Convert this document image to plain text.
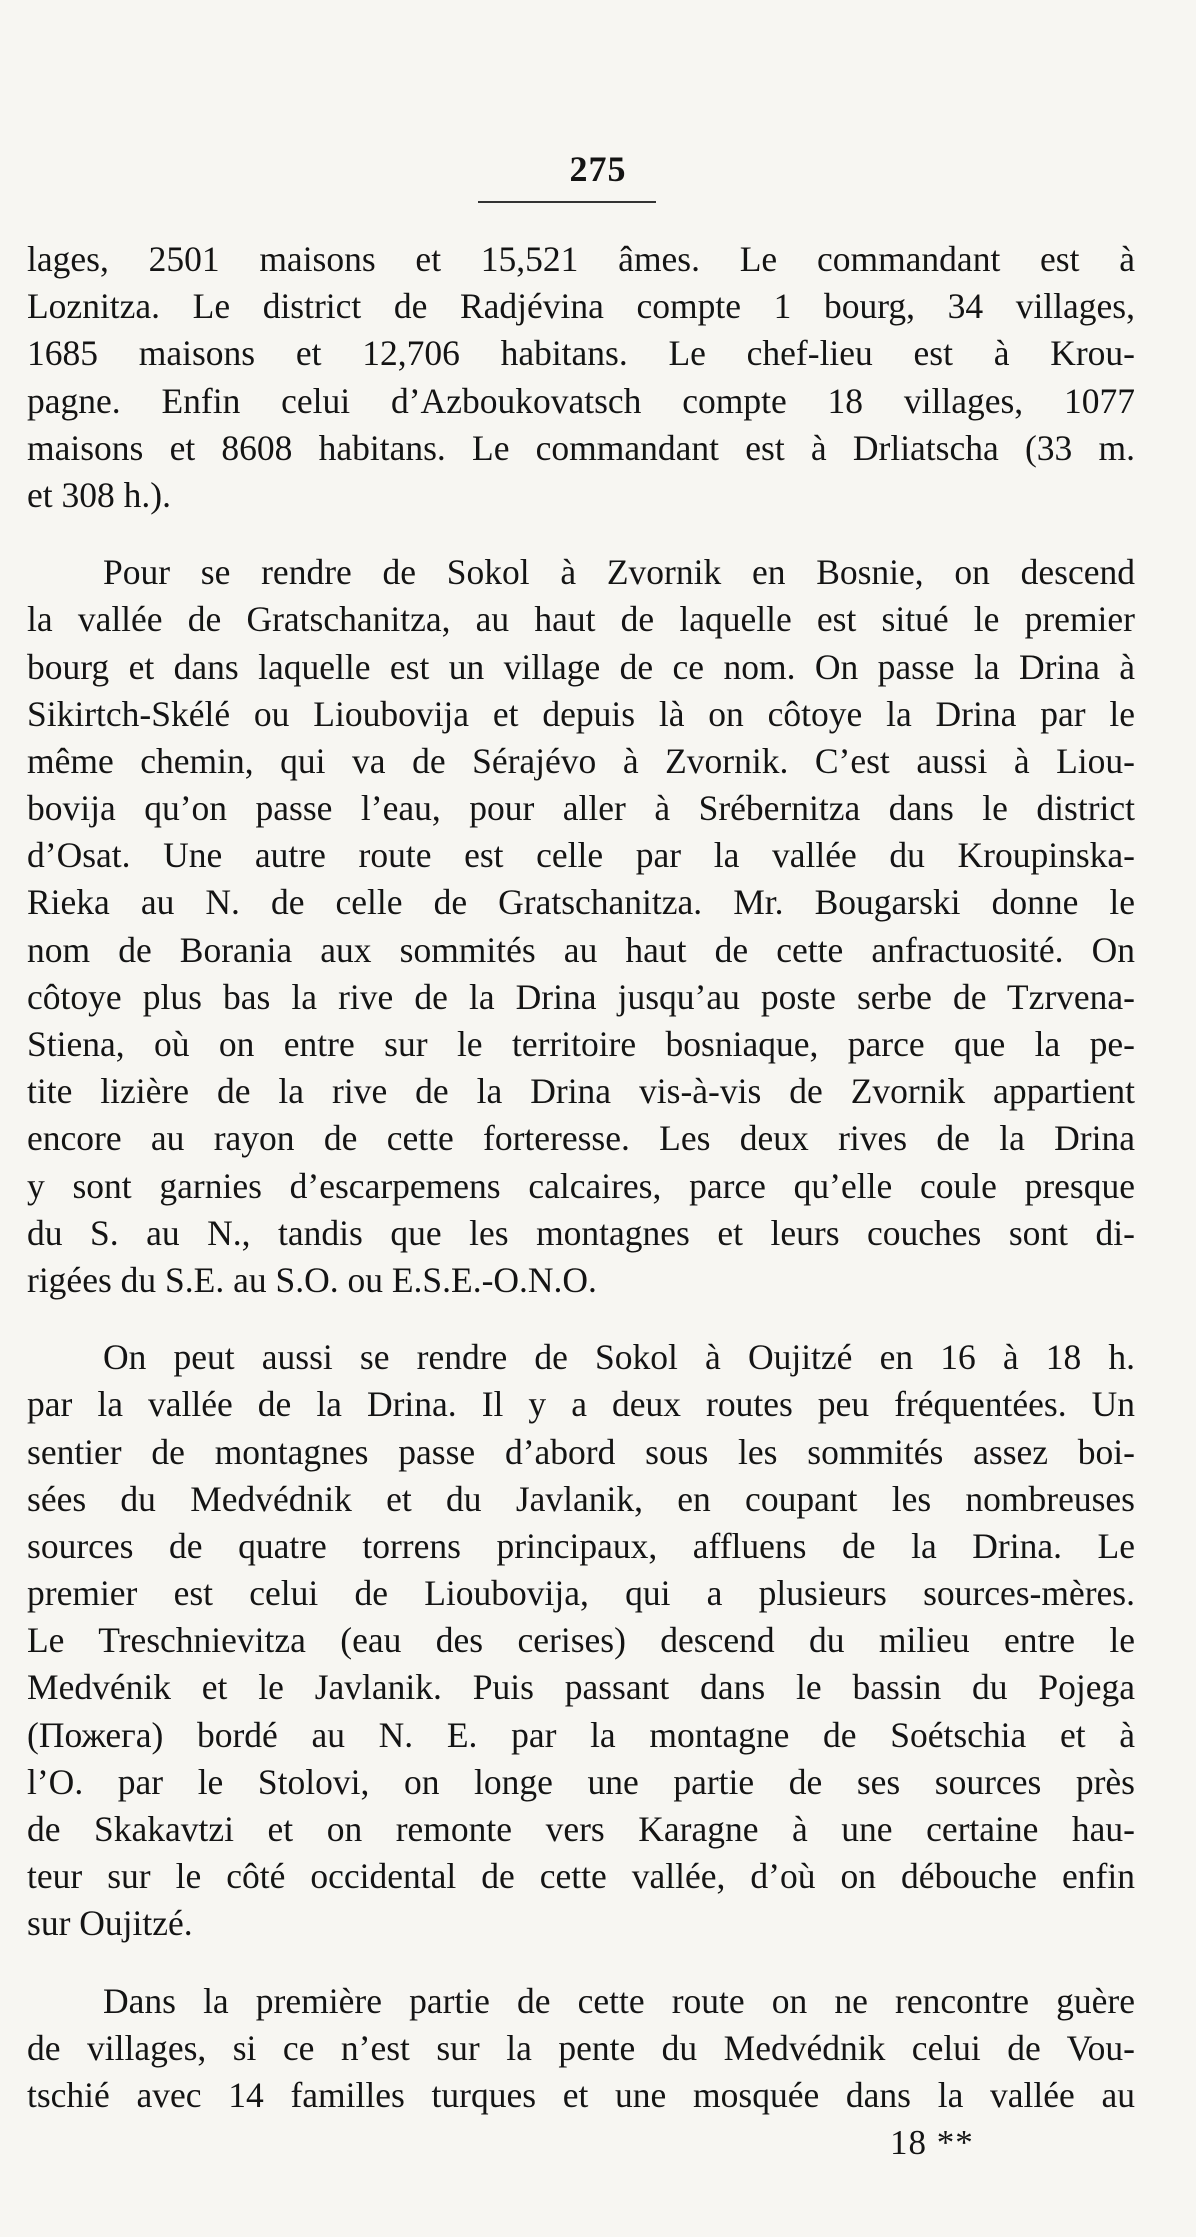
275
lages, 2501 maisons et 15,521 âmes. Le commandant est à
Loznitza. Le district de Radjévina compte 1 bourg, 34 villages,
1685 maisons et 12,706 habitans. Le chef-lieu est à Krou-
pagne. Enfin celui d’Azboukovatsch compte 18 villages, 1077
maisons et 8608 habitans. Le commandant est à Drliatscha (33 m.
et 308 h.).
Pour se rendre de Sokol à Zvornik en Bosnie, on descend
la vallée de Gratschanitza, au haut de laquelle est situé le premier
bourg et dans laquelle est un village de ce nom. On passe la Drina à
Sikirtch-Skélé ou Lioubovija et depuis là on côtoye la Drina par le
même chemin, qui va de Sérajévo à Zvornik. C’est aussi à Liou-
bovija qu’on passe l’eau, pour aller à Srébernitza dans le district
d’Osat. Une autre route est celle par la vallée du Kroupinska-
Rieka au N. de celle de Gratschanitza. Mr. Bougarski donne le
nom de Borania aux sommités au haut de cette anfractuosité. On
côtoye plus bas la rive de la Drina jusqu’au poste serbe de Tzrvena-
Stiena, où on entre sur le territoire bosniaque, parce que la pe-
tite lizière de la rive de la Drina vis-à-vis de Zvornik appartient
encore au rayon de cette forteresse. Les deux rives de la Drina
y sont garnies d’escarpemens calcaires, parce qu’elle coule presque
du S. au N., tandis que les montagnes et leurs couches sont di-
rigées du S.E. au S.O. ou E.S.E.-O.N.O.
On peut aussi se rendre de Sokol à Oujitzé en 16 à 18 h.
par la vallée de la Drina. Il y a deux routes peu fréquentées. Un
sentier de montagnes passe d’abord sous les sommités assez boi-
sées du Medvédnik et du Javlanik, en coupant les nombreuses
sources de quatre torrens principaux, affluens de la Drina. Le
premier est celui de Lioubovija, qui a plusieurs sources-mères.
Le Treschnievitza (eau des cerises) descend du milieu entre le
Medvénik et le Javlanik. Puis passant dans le bassin du Pojega
(Пожега) bordé au N. E. par la montagne de Soétschia et à
l’O. par le Stolovi, on longe une partie de ses sources près
de Skakavtzi et on remonte vers Karagne à une certaine hau-
teur sur le côté occidental de cette vallée, d’où on débouche enfin
sur Oujitzé.
Dans la première partie de cette route on ne rencontre guère
de villages, si ce n’est sur la pente du Medvédnik celui de Vou-
tschié avec 14 familles turques et une mosquée dans la vallée au
18 **
